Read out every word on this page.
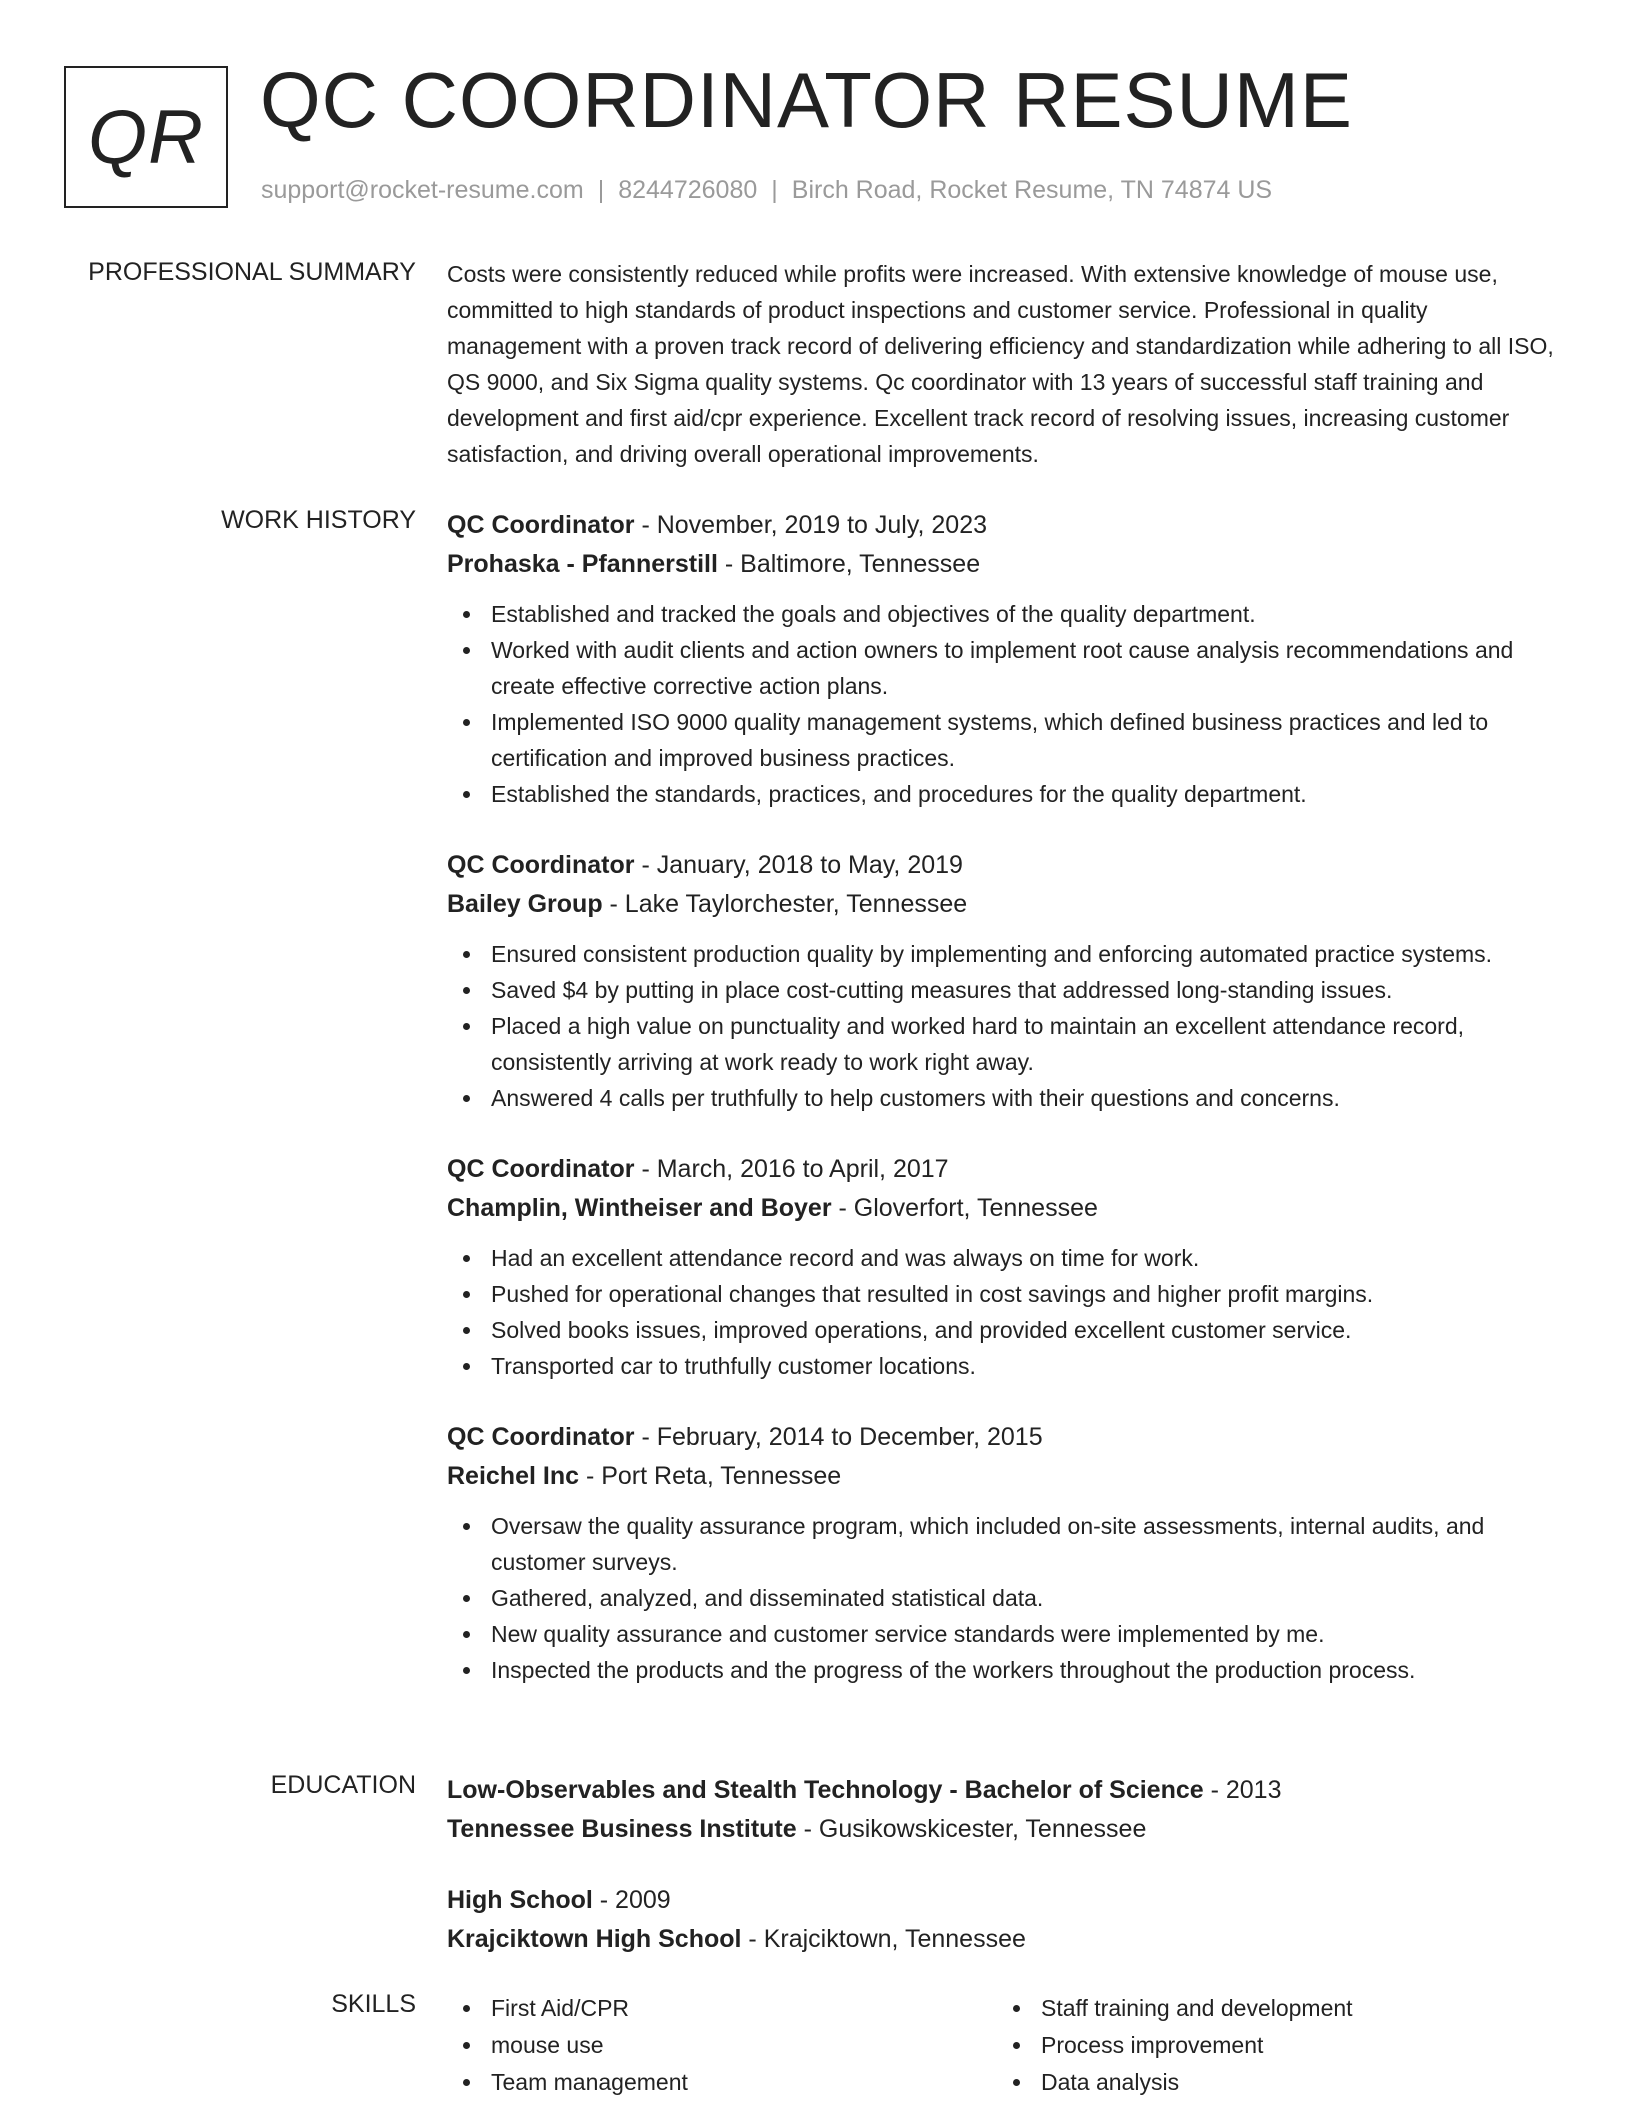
QR QC COORDINATOR RESUME
support@rocket-resume.com | 8244726080 | Birch Road, Rocket Resume, TN 74874 US
PROFESSIONAL SUMMARY Costs were consistently reduced while profits were increased. With extensive knowledge of mouse use, committed to high standards of product inspections and customer service. Professional in quality management with a proven track record of delivering efficiency and standardization while adhering to all ISO, QS 9000, and Six Sigma quality systems. Qc coordinator with 13 years of successful staff training and development and first aid/cpr experience. Excellent track record of resolving issues, increasing customer satisfaction, and driving overall operational improvements.

WORK HISTORY QC Coordinator - November, 2019 to July, 2023
Prohaska - Pfannerstill - Baltimore, Tennessee
Established and tracked the goals and objectives of the quality department.
Worked with audit clients and action owners to implement root cause analysis recommendations and create effective corrective action plans.
Implemented ISO 9000 quality management systems, which defined business practices and led to certification and improved business practices.
Established the standards, practices, and procedures for the quality department.
QC Coordinator - January, 2018 to May, 2019
Bailey Group - Lake Taylorchester, Tennessee
Ensured consistent production quality by implementing and enforcing automated practice systems.
Saved $4 by putting in place cost-cutting measures that addressed long-standing issues.
Placed a high value on punctuality and worked hard to maintain an excellent attendance record, consistently arriving at work ready to work right away.
Answered 4 calls per truthfully to help customers with their questions and concerns.
QC Coordinator - March, 2016 to April, 2017
Champlin, Wintheiser and Boyer - Gloverfort, Tennessee
Had an excellent attendance record and was always on time for work.
Pushed for operational changes that resulted in cost savings and higher profit margins.
Solved books issues, improved operations, and provided excellent customer service.
Transported car to truthfully customer locations.
QC Coordinator - February, 2014 to December, 2015
Reichel Inc - Port Reta, Tennessee
Oversaw the quality assurance program, which included on-site assessments, internal audits, and customer surveys.
Gathered, analyzed, and disseminated statistical data.
New quality assurance and customer service standards were implemented by me.
Inspected the products and the progress of the workers throughout the production process.
EDUCATION Low-Observables and Stealth Technology - Bachelor of Science - 2013
Tennessee Business Institute - Gusikowskicester, Tennessee
High School - 2009
Krajciktown High School - Krajciktown, Tennessee
SKILLS	First Aid/CPR
mouse use
Team management
Staff training and development
Process improvement
Data analysis
